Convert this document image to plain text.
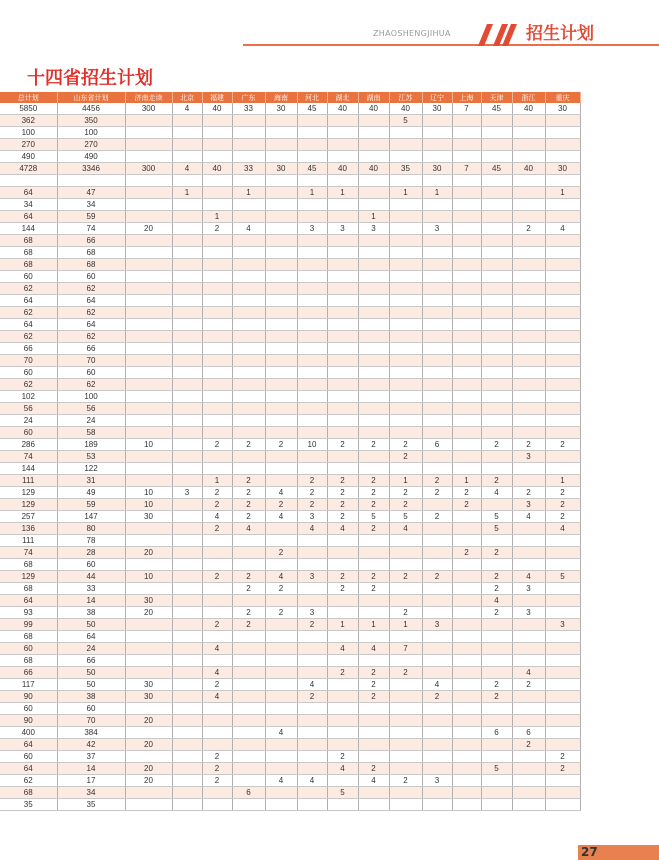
ZHAOSHENGJIHUA	招生计划
十四省招生计划
总计划	山东省计划	济南走读	北京	福建	广东	海南	河北	湖北	湖南	江苏	辽宁	上海	天津	浙江	重庆
5850	4456	300	4	40	33	30	45	40	40	40	30	7	45	40	30
362	350									5					
100	100														
270	270														
490	490														
4728	3346	300	4	40	33	30	45	40	40	35	30	7	45	40	30

64	47		1		1		1	1		1	1				1
34	34														
64	59			1					1						
144	74	20		2	4		3	3	3		3			2	4
68	66														
68	68														
68	68														
60	60														
62	62														
64	64														
62	62														
64	64														
62	62														
66	66														
70	70														
60	60														
62	62														
102	100														
56	56														
24	24														
60	58														
286	189	10		2	2	2	10	2	2	2	6		2	2	2
74	53									2				3	
144	122														
111	31			1	2		2	2	2	1	2	1	2		1
129	49	10	3	2	2	4	2	2	2	2	2	2	4	2	2
129	59	10		2	2	2	2	2	2	2		2		3	2
257	147	30		4	2	4	3	2	5	5	2		5	4	2
136	80			2	4		4	4	2	4			5		4
111	78														
74	28	20				2						2	2		
68	60														
129	44	10		2	2	4	3	2	2	2	2		2	4	5
68	33				2	2		2	2				2	3	
64	14	30											4		
93	38	20			2	2	3			2			2	3	
99	50			2	2		2	1	1	1	3				3
68	64														
60	24			4				4	4	7					
68	66														
66	50			4				2	2	2				4	
117	50	30		2			4		2		4		2	2	
90	38	30		4			2		2		2		2		
60	60														
90	70	20													
400	384					4							6	6	
64	42	20												2	
60	37			2				2							2
64	14	20		2				4	2				5		2
62	17	20		2		4	4		4	2	3				
68	34				6			5							
35	35														
27
